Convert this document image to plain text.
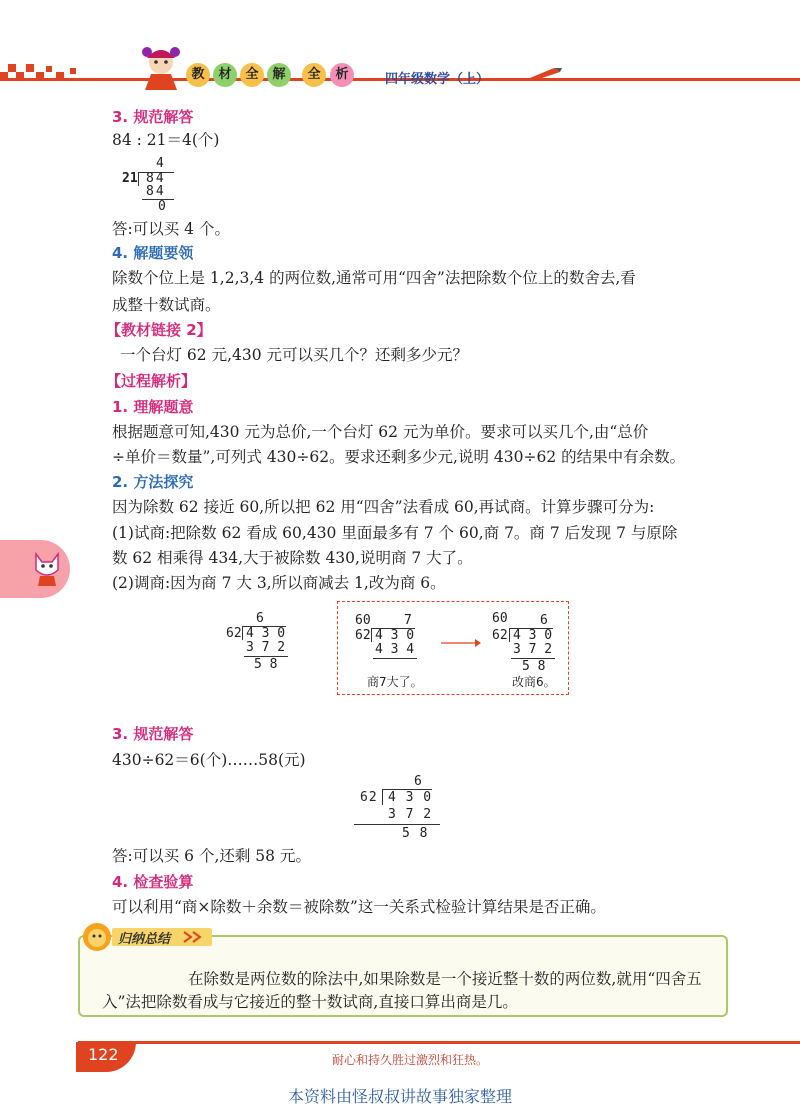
教	材	全	解	全	析	四年级数学（上）
3. 规范解答
84 : 21＝4(个)
4
21 84
84
0
答:可以买 4 个。
4. 解题要领
除数个位上是 1,2,3,4 的两位数,通常可用“四舍”法把除数个位上的数舍去,看
成整十数试商。
【教材链接 2】
一个台灯 62 元,430 元可以买几个？还剩多少元？
【过程解析】
1. 理解题意
根据题意可知,430 元为总价,一个台灯 62 元为单价。要求可以买几个,由“总价
÷单价＝数量”,可列式 430÷62。要求还剩多少元,说明 430÷62 的结果中有余数。
2. 方法探究
因为除数 62 接近 60,所以把 62 用“四舍”法看成 60,再试商。计算步骤可分为:
(1)试商:把除数 62 看成 60,430 里面最多有 7 个 60,商 7。商 7 后发现 7 与原除
数 62 相乘得 434,大于被除数 430,说明商 7 大了。
(2)调商:因为商 7 大 3,所以商减去 1,改为商 6。
6
62 4 3 0
3 7 2
5 8
60	7
62 4 3 0
4 3 4
商7大了。
60 6
62 4 3 0
3 7 2
5 8
改商6。
3. 规范解答
430÷62＝6(个)……58(元)
6
62 4 3 0
3 7 2
5 8
答:可以买 6 个,还剩 58 元。
4. 检查验算
可以利用“商×除数＋余数＝被除数”这一关系式检验计算结果是否正确。
在除数是两位数的除法中,如果除数是一个接近整十数的两位数,就用“四舍五
入”法把除数看成与它接近的整十数试商,直接口算出商是几。
归纳总结
122	耐心和持久胜过激烈和狂热。
本资料由怪叔叔讲故事独家整理
